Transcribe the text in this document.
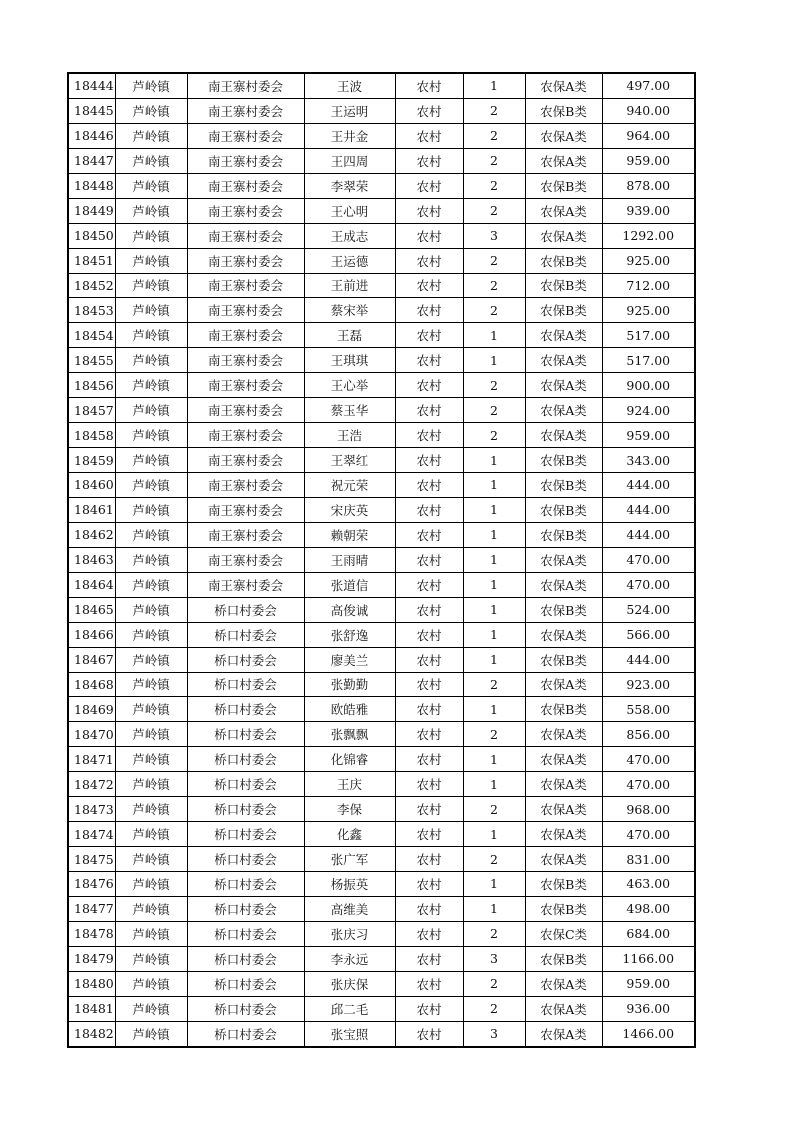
18444	芦岭镇	南王寨村委会	王波	农村	1	农保A类	497.00
18445	芦岭镇	南王寨村委会	王运明	农村	2	农保B类	940.00
18446	芦岭镇	南王寨村委会	王井金	农村	2	农保A类	964.00
18447	芦岭镇	南王寨村委会	王四周	农村	2	农保A类	959.00
18448	芦岭镇	南王寨村委会	李翠荣	农村	2	农保B类	878.00
18449	芦岭镇	南王寨村委会	王心明	农村	2	农保A类	939.00
18450	芦岭镇	南王寨村委会	王成志	农村	3	农保A类	1292.00
18451	芦岭镇	南王寨村委会	王运德	农村	2	农保B类	925.00
18452	芦岭镇	南王寨村委会	王前进	农村	2	农保B类	712.00
18453	芦岭镇	南王寨村委会	蔡宋举	农村	2	农保B类	925.00
18454	芦岭镇	南王寨村委会	王磊	农村	1	农保A类	517.00
18455	芦岭镇	南王寨村委会	王琪琪	农村	1	农保A类	517.00
18456	芦岭镇	南王寨村委会	王心举	农村	2	农保A类	900.00
18457	芦岭镇	南王寨村委会	蔡玉华	农村	2	农保A类	924.00
18458	芦岭镇	南王寨村委会	王浩	农村	2	农保A类	959.00
18459	芦岭镇	南王寨村委会	王翠红	农村	1	农保B类	343.00
18460	芦岭镇	南王寨村委会	祝元荣	农村	1	农保B类	444.00
18461	芦岭镇	南王寨村委会	宋庆英	农村	1	农保B类	444.00
18462	芦岭镇	南王寨村委会	赖朝荣	农村	1	农保B类	444.00
18463	芦岭镇	南王寨村委会	王雨晴	农村	1	农保A类	470.00
18464	芦岭镇	南王寨村委会	张道信	农村	1	农保A类	470.00
18465	芦岭镇	桥口村委会	高俊诚	农村	1	农保B类	524.00
18466	芦岭镇	桥口村委会	张舒逸	农村	1	农保A类	566.00
18467	芦岭镇	桥口村委会	廖美兰	农村	1	农保B类	444.00
18468	芦岭镇	桥口村委会	张勤勤	农村	2	农保A类	923.00
18469	芦岭镇	桥口村委会	欧皓雅	农村	1	农保B类	558.00
18470	芦岭镇	桥口村委会	张飘飘	农村	2	农保A类	856.00
18471	芦岭镇	桥口村委会	化锦睿	农村	1	农保A类	470.00
18472	芦岭镇	桥口村委会	王庆	农村	1	农保A类	470.00
18473	芦岭镇	桥口村委会	李保	农村	2	农保A类	968.00
18474	芦岭镇	桥口村委会	化鑫	农村	1	农保A类	470.00
18475	芦岭镇	桥口村委会	张广军	农村	2	农保A类	831.00
18476	芦岭镇	桥口村委会	杨振英	农村	1	农保B类	463.00
18477	芦岭镇	桥口村委会	高维美	农村	1	农保B类	498.00
18478	芦岭镇	桥口村委会	张庆习	农村	2	农保C类	684.00
18479	芦岭镇	桥口村委会	李永远	农村	3	农保B类	1166.00
18480	芦岭镇	桥口村委会	张庆保	农村	2	农保A类	959.00
18481	芦岭镇	桥口村委会	邱二毛	农村	2	农保A类	936.00
18482	芦岭镇	桥口村委会	张宝照	农村	3	农保A类	1466.00
